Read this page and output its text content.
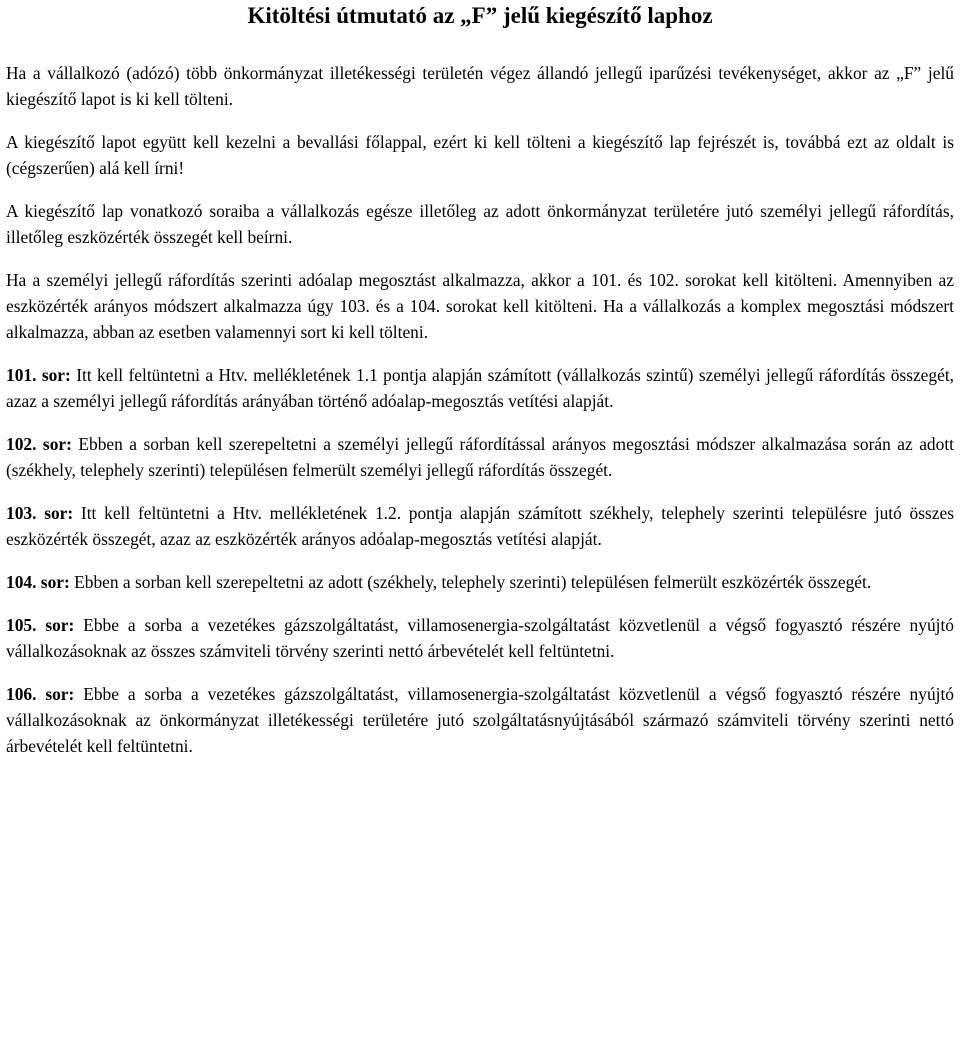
Kitöltési útmutató az „F” jelű kiegészítő laphoz

Ha a vállalkozó (adózó) több önkormányzat illetékességi területén végez állandó jellegű iparűzési tevékenységet, akkor az „F” jelű kiegészítő lapot is ki kell tölteni.

A kiegészítő lapot együtt kell kezelni a bevallási főlappal, ezért ki kell tölteni a kiegészítő lap fejrészét is, továbbá ezt az oldalt is (cégszerűen) alá kell írni!

A kiegészítő lap vonatkozó soraiba a vállalkozás egésze illetőleg az adott önkormányzat területére jutó személyi jellegű ráfordítás, illetőleg eszközérték összegét kell beírni.

Ha a személyi jellegű ráfordítás szerinti adóalap megosztást alkalmazza, akkor a 101. és 102. sorokat kell kitölteni. Amennyiben az eszközérték arányos módszert alkalmazza úgy 103. és a 104. sorokat kell kitölteni. Ha a vállalkozás a komplex megosztási módszert alkalmazza, abban az esetben valamennyi sort ki kell tölteni.

101. sor: Itt kell feltüntetni a Htv. mellékletének 1.1 pontja alapján számított (vállalkozás szintű) személyi jellegű ráfordítás összegét, azaz a személyi jellegű ráfordítás arányában történő adóalap-megosztás vetítési alapját.

102. sor: Ebben a sorban kell szerepeltetni a személyi jellegű ráfordítással arányos megosztási módszer alkalmazása során az adott (székhely, telephely szerinti) településen felmerült személyi jellegű ráfordítás összegét.

103. sor: Itt kell feltüntetni a Htv. mellékletének 1.2. pontja alapján számított székhely, telephely szerinti településre jutó összes eszközérték összegét, azaz az eszközérték arányos adóalap-megosztás vetítési alapját.

104. sor: Ebben a sorban kell szerepeltetni az adott (székhely, telephely szerinti) településen felmerült eszközérték összegét.

105. sor: Ebbe a sorba a vezetékes gázszolgáltatást, villamosenergia-szolgáltatást közvetlenül a végső fogyasztó részére nyújtó vállalkozásoknak az összes számviteli törvény szerinti nettó árbevételét kell feltüntetni.

106. sor: Ebbe a sorba a vezetékes gázszolgáltatást, villamosenergia-szolgáltatást közvetlenül a végső fogyasztó részére nyújtó vállalkozásoknak az önkormányzat illetékességi területére jutó szolgáltatásnyújtásából származó számviteli törvény szerinti nettó árbevételét kell feltüntetni.
